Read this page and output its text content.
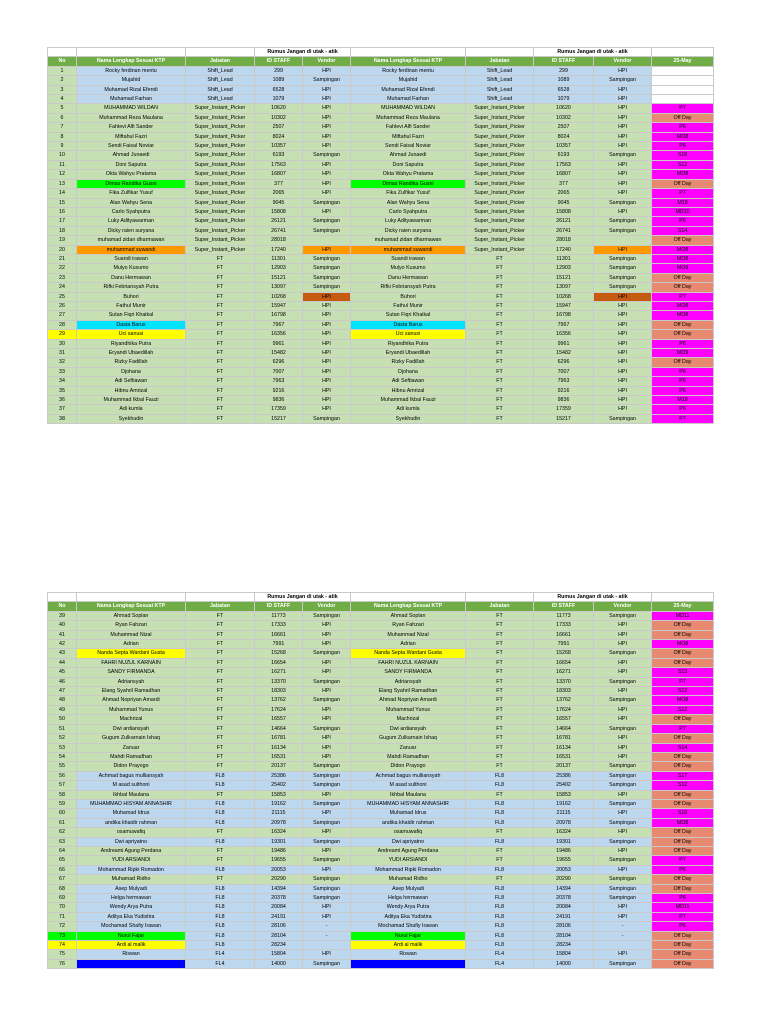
			Rumus Jangan di utak - atik				Rumus Jangan di utak - atik		
No	Nama Lengkap Sesuai KTP	Jabatan	ID STAFF	Vendor	Nama Lengkap Sesuai KTP	Jabatan	ID STAFF	Vendor	25-May
1	Rocky ferdinan mentu	Shift_Lead	299	HPI	Rocky ferdinan mentu	Shift_Lead	299	HPI	
2	Mujahid	Shift_Lead	1089	Sampingan	Mujahid	Shift_Lead	1089	Sampingan	
3	Muhamad Rizal Efendi	Shift_Lead	6528	HPI	Muhamad Rizal Efendi	Shift_Lead	6528	HPI	
4	Muhamad Farhan	Shift_Lead	1079	HPI	Muhamad Farhan	Shift_Lead	1079	HPI	
5	MUHAMMAD WILDAN	Super_Instant_Picker	10620	HPI	MUHAMMAD WILDAN	Super_Instant_Picker	10620	HPI	P7
6	Muhammad Reza Maulana	Super_Instant_Picker	10302	HPI	Muhammad Reza Maulana	Super_Instant_Picker	10302	HPI	Off Day
7	Fahlevi Alfi Sander	Super_Instant_Picker	2507	HPI	Fahlevi Alfi Sander	Super_Instant_Picker	2507	HPI	P6
8	Miftahul Fazri	Super_Instant_Picker	8024	HPI	Miftahul Fazri	Super_Instant_Picker	8024	HPI	MO8
9	Sendi Faisal Noviar	Super_Instant_Picker	10357	HPI	Sendi Faisal Noviar	Super_Instant_Picker	10357	HPI	P6
10	Ahmad Junaedi	Super_Instant_Picker	6193	Sampingan	Ahmad Junaedi	Super_Instant_Picker	6193	Sampingan	S16
11	Doni Saputra	Super_Instant_Picker	17563	HPI	Doni Saputra	Super_Instant_Picker	17563	HPI	S12
12	Okta Wahyu Pratama	Super_Instant_Picker	16807	HPI	Okta Wahyu Pratama	Super_Instant_Picker	16807	HPI	MO8
13	Dimas Randika Gusni	Super_Instant_Picker	377	HPI	Dimas Randika Gusni	Super_Instant_Picker	377	HPI	Off Day
14	Fika Zulfikar Yusuf	Super_Instant_Picker	2065	HPI	Fika Zulfikar Yusuf	Super_Instant_Picker	2065	HPI	P7
15	Alan Wahyu Sena	Super_Instant_Picker	9045	Sampingan	Alan Wahyu Sena	Super_Instant_Picker	9045	Sampingan	M18
16	Carlo Syahputra	Super_Instant_Picker	15808	HPI	Carlo Syahputra	Super_Instant_Picker	15808	HPI	MD10
17	Luky Adityawarman	Super_Instant_Picker	26121	Sampingan	Luky Adityawarman	Super_Instant_Picker	26121	Sampingan	P6
18	Dicky raien suryana	Super_Instant_Picker	26741	Sampingan	Dicky raien suryana	Super_Instant_Picker	26741	Sampingan	S14
19	muhamad zidan dharmawan	Super_Instant_Picker	28018		muhamad zidan dharmawan	Super_Instant_Picker	28018		Off Day
20	muhammad suwandi	Super_Instant_Picker	17240	HPI	muhammad suwandi	Super_Instant_Picker	17240	HPI	MO8
21	Suandi irawan	FT	11301	Sampingan	Suandi irawan	FT	11301	Sampingan	MO8
22	Mulyo Kusumo	FT	12903	Sampingan	Mulyo Kusumo	FT	12903	Sampingan	MO9
23	Danu Hermawan	FT	15121	Sampingan	Danu Hermawan	FT	15121	Sampingan	Off Day
24	Rifki Febriansyah Putra	FT	13097	Sampingan	Rifki Febriansyah Putra	FT	13097	Sampingan	Off Day
25	Buhori	FT	10268	HPI	Buhori	FT	10268	HPI	P7
26	Fathul Munir	FT	15947	HPI	Fathul Munir	FT	15947	HPI	MO8
27	Sutan Fiqri Khaikal	FT	16798	HPI	Sutan Fiqri Khaikal	FT	16798	HPI	MO8
28	Dasta Barus	FT	7967	HPI	Dasta Barus	FT	7967	HPI	Off Day
29	Uci sanusi	FT	16356	HPI	Uci sanusi	FT	16356	HPI	Off Day
30	Riyandhika Putra	FT	9961	HPI	Riyandhika Putra	FT	9961	HPI	P6
31	Eryandi Ubaedillah	FT	15482	HPI	Eryandi Ubaedillah	FT	15482	HPI	MO9
32	Rizky Fadillah	FT	6296	HPI	Rizky Fadillah	FT	6296	HPI	Off Day
33	Djohana	FT	7007	HPI	Djohana	FT	7007	HPI	P6
34	Adi Seftiawan	FT	7963	HPI	Adi Seftiawan	FT	7963	HPI	P6
35	Hibnu Amrizal	FT	9216	HPI	Hibnu Amrizal	FT	9216	HPI	P6
36	Muhammad Ikbal Fauzi	FT	9836	HPI	Muhammad Ikbal Fauzi	FT	9836	HPI	M18
37	Adi kumla	FT	17359	HPI	Adi kumla	FT	17359	HPI	P6
38	Syekhudin	FT	15217	Sampingan	Syekhudin	FT	15217	Sampingan	P7
			Rumus Jangan di utak - atik				Rumus Jangan di utak - atik		
No	Nama Lengkap Sesuai KTP	Jabatan	ID STAFF	Vendor	Nama Lengkap Sesuai KTP	Jabatan	ID STAFF	Vendor	25-May
39	Ahmad Soplan	FT	11773	Sampingan	Ahmad Soplan	FT	11773	Sampingan	MD11
40	Ryan Fahzari	FT	17333	HPI	Ryan Fahzari	FT	17333	HPI	Off Day
41	Muhammad Nizal	FT	16661	HPI	Muhammad Nizal	FT	16661	HPI	Off Day
42	Adrian	FT	7991	HPI	Adrian	FT	7991	HPI	MO8
43	Nanda Septa Wardani Gusta	FT	15268	Sampingan	Nanda Septa Wardani Gusta	FT	15268	Sampingan	Off Day
44	FAHRI NUZUL KARNAIN	FT	16654	HPI	FAHRI NUZUL KARNAIN	FT	16654	HPI	Off Day
45	SANDY FIRMANDA	FT	16271	HPI	SANDY FIRMANDA	FT	16271	HPI	S13
46	Adriansyah	FT	13370	Sampingan	Adriansyah	FT	13370	Sampingan	P7
47	Elang Syahril Ramadhan	FT	18303	HPI	Elang Syahril Ramadhan	FT	18303	HPI	S12
48	Ahmad Nopriyan Amardi	FT	13762	Sampingan	Ahmad Nopriyan Amardi	FT	13762	Sampingan	MO8
49	Muhammad Yunus	FT	17624	HPI	Muhammad Yunus	FT	17624	HPI	S12
50	Machrizal	FT	16557	HPI	Machrizal	FT	16557	HPI	Off Day
51	Dwi ardiansyah	FT	14664	Sampingan	Dwi ardiansyah	FT	14664	Sampingan	P7
52	Gugum Zulkarnain Ishaq	FT	16781	HPI	Gugum Zulkarnain Ishaq	FT	16781	HPI	Off Day
53	Zanuar	FT	16134	HPI	Zanuar	FT	16134	HPI	S14
54	Mahdi Ramadhan	FT	16531	HPI	Mahdi Ramadhan	FT	16531	HPI	Off Day
55	Didon Prayogo	FT	20137	Sampingan	Didon Prayogo	FT	20137	Sampingan	Off Day
56	Achmad bagus mulliansyah	FL8	25386	Sampingan	Achmad bagus mulliansyah	FL8	25386	Sampingan	S17
57	M asad sulthoni	FL8	25402	Sampingan	M asad sulthoni	FL8	25402	Sampingan	S12
58	Ikhbal Maulana	FT	15853	HPI	Ikhbal Maulana	FT	15853	HPI	Off Day
59	MUHAMMAD HISYAM ANNASHIR	FL8	19162	Sampingan	MUHAMMAD HISYAM ANNASHIR	FL8	19162	Sampingan	Off Day
60	Muhamad Idrus	FL8	21115	HPI	Muhamad Idrus	FL8	21115	HPI	S16
61	andika khaidir rahman	FL8	20978	Sampingan	andika khaidir rahman	FL8	20978	Sampingan	MO8
62	osamuwafiq	FT	16324	HPI	osamuwafiq	FT	16324	HPI	Off Day
63	Dwi apriyatno	FL8	19301	Sampingan	Dwi apriyatno	FL8	19301	Sampingan	Off Day
64	Andreami Agung Perdana	FT	19486	HPI	Andreami Agung Perdana	FT	19486	HPI	Off Day
65	YUDI ARSIANDI	FT	19655	Sampingan	YUDI ARSIANDI	FT	19655	Sampingan	P7
66	Mohammad Ripki Romadon	FL8	20053	HPI	Mohammad Ripki Romadon	FL8	20053	HPI	P6
67	Muhamad Ridho	FT	20290	Sampingan	Muhamad Ridho	FT	20290	Sampingan	Off Day
68	Asep Mulyadi	FL8	14394	Sampingan	Asep Mulyadi	FL8	14394	Sampingan	Off Day
69	Helga hermawan	FL8	20378	Sampingan	Helga hermawan	FL8	20378	Sampingan	P6
70	Wendy Arya Putra	FL8	20084	HPI	Wendy Arya Putra	FL8	20084	HPI	MD11
71	Aditya Eka Yudistira	FL8	24191	HPI	Aditya Eka Yudistira	FL8	24191	HPI	P7
72	Mochamad Shafiy Irawan	FL8	28106	-	Mochamad Shafiy Irawan	FL8	28106	-	P6
73	Nurul Fajar	FL8	28104	-	Nurul Fajar	FL8	28104	-	Off Day
74	Ardi al malik	FL8	28234		Ardi al malik	FL8	28234		Off Day
75	Riswan	FL4	15804	HPI	Riswan	FL4	15804	HPI	Off Day
76		FL4	14000	Sampingan		FL4	14000	Sampingan	Off Day
